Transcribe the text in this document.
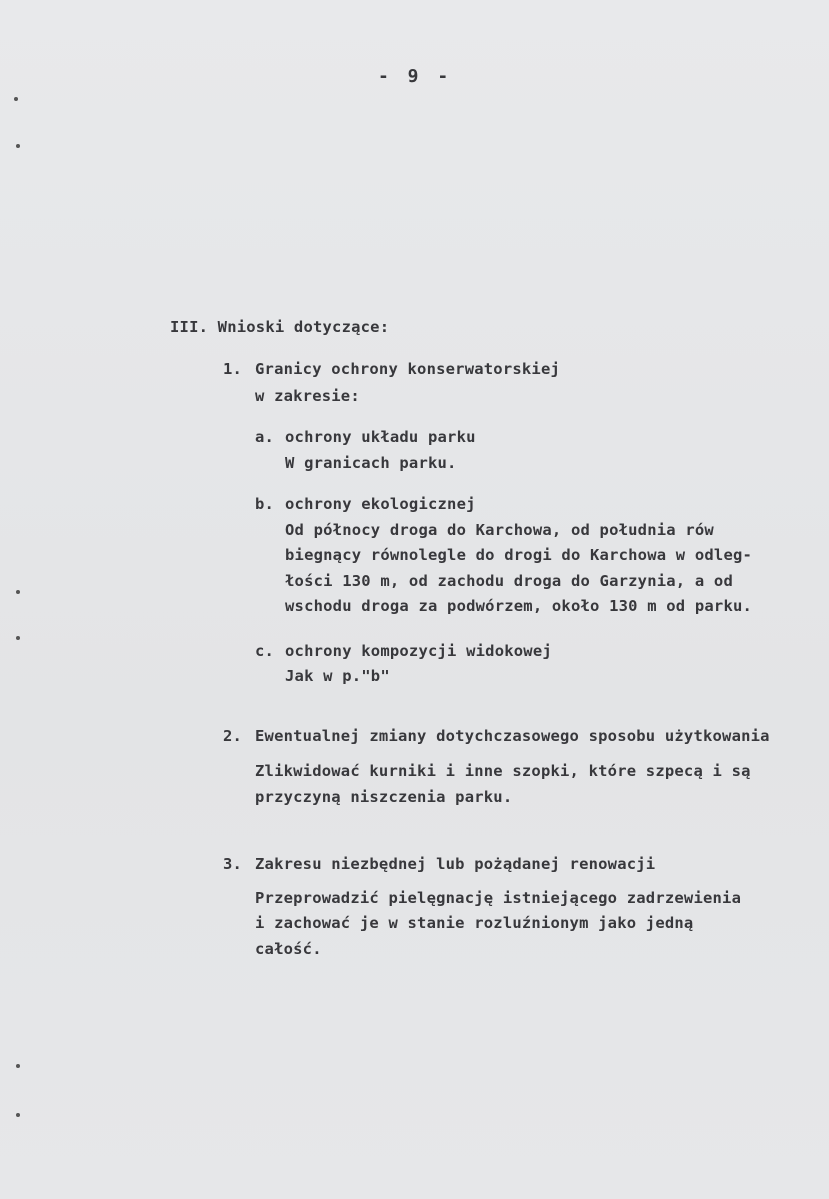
- 9 -
III. Wnioski dotyczące:
1. Granicy ochrony konserwatorskiej
w zakresie:
a. ochrony układu parku
W granicach parku.
b. ochrony ekologicznej
Od północy droga do Karchowa, od południa rów
biegnący równolegle do drogi do Karchowa w odleg-
łości 130 m, od zachodu droga do Garzynia, a od
wschodu droga za podwórzem, około 130 m od parku.
c. ochrony kompozycji widokowej
Jak w p."b"
2. Ewentualnej zmiany dotychczasowego sposobu użytkowania
Zlikwidować kurniki i inne szopki, które szpecą i są
przyczyną niszczenia parku.
3. Zakresu niezbędnej lub pożądanej renowacji
Przeprowadzić pielęgnację istniejącego zadrzewienia
i zachować je w stanie rozluźnionym jako jedną
całość.
